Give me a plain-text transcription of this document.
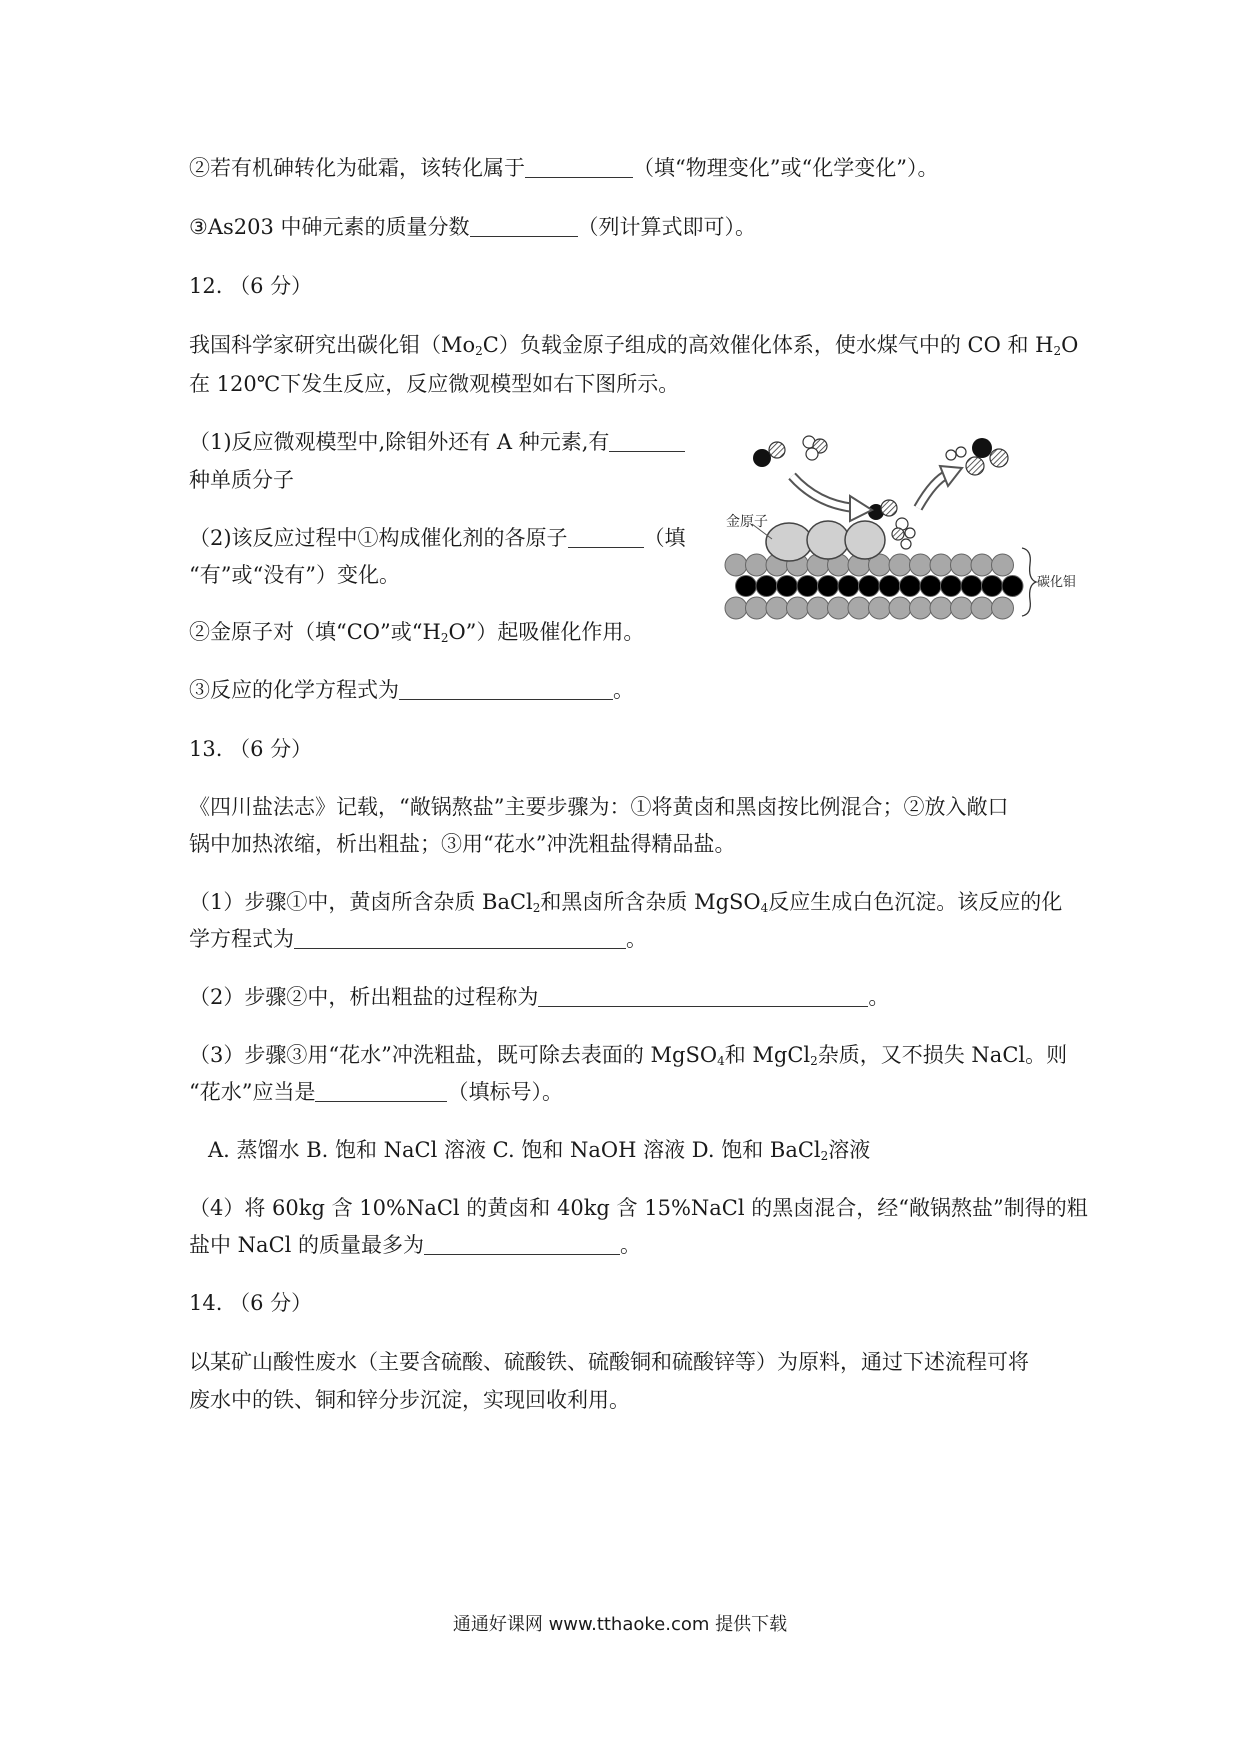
②若有机砷转化为砒霜，该转化属于	（填“物理变化”或“化学变化”）。

③As203 中砷元素的质量分数	（列计算式即可）。

12. （6 分）

我国科学家研究出碳化钼$(Mo_2C)$负载金原子组成的高效催化体系，使水煤气中的 CO 和 $H_2O$

在 120℃下发生反应，反应微观模型如右下图所示。

（1)反应微观模型中,除钼外还有 A 种元素,有

种单质分子

（2)该反应过程中①构成催化剂的各原子	（填

“有”或“没有”）变化。

②金原子对（填“CO”或“$H_2O$”）起吸催化作用。

③反应的化学方程式为	。

金原子
碳化钼

13. （6 分）

《四川盐法志》记载，“敞锅熬盐”主要步骤为：①将黄卤和黑卤按比例混合；②放入敞口

锅中加热浓缩，析出粗盐；③用“花水”冲洗粗盐得精品盐。

（1）步骤①中，黄卤所含杂质 BaCl$_2$和黑卤所含杂质 MgSO$_4$反应生成白色沉淀。该反应的化

学方程式为	。

（2）步骤②中，析出粗盐的过程称为	。

（3）步骤③用“花水”冲洗粗盐，既可除去表面的 MgSO$_4$和 MgCl$_2$杂质，又不损失 NaCl。则

“花水”应当是	（填标号）。

A. 蒸馏水 B. 饱和 NaCl 溶液 C. 饱和 NaOH 溶液 D. 饱和 BaCl$_2$溶液

（4）将 60kg 含 10%NaCl 的黄卤和 40kg 含 15%NaCl 的黑卤混合，经“敞锅熬盐”制得的粗

盐中 NaCl 的质量最多为	。

14. （6 分）

以某矿山酸性废水（主要含硫酸、硫酸铁、硫酸铜和硫酸锌等）为原料，通过下述流程可将

废水中的铁、铜和锌分步沉淀，实现回收利用。

通通好课网 www.tthaoke.com 提供下载
